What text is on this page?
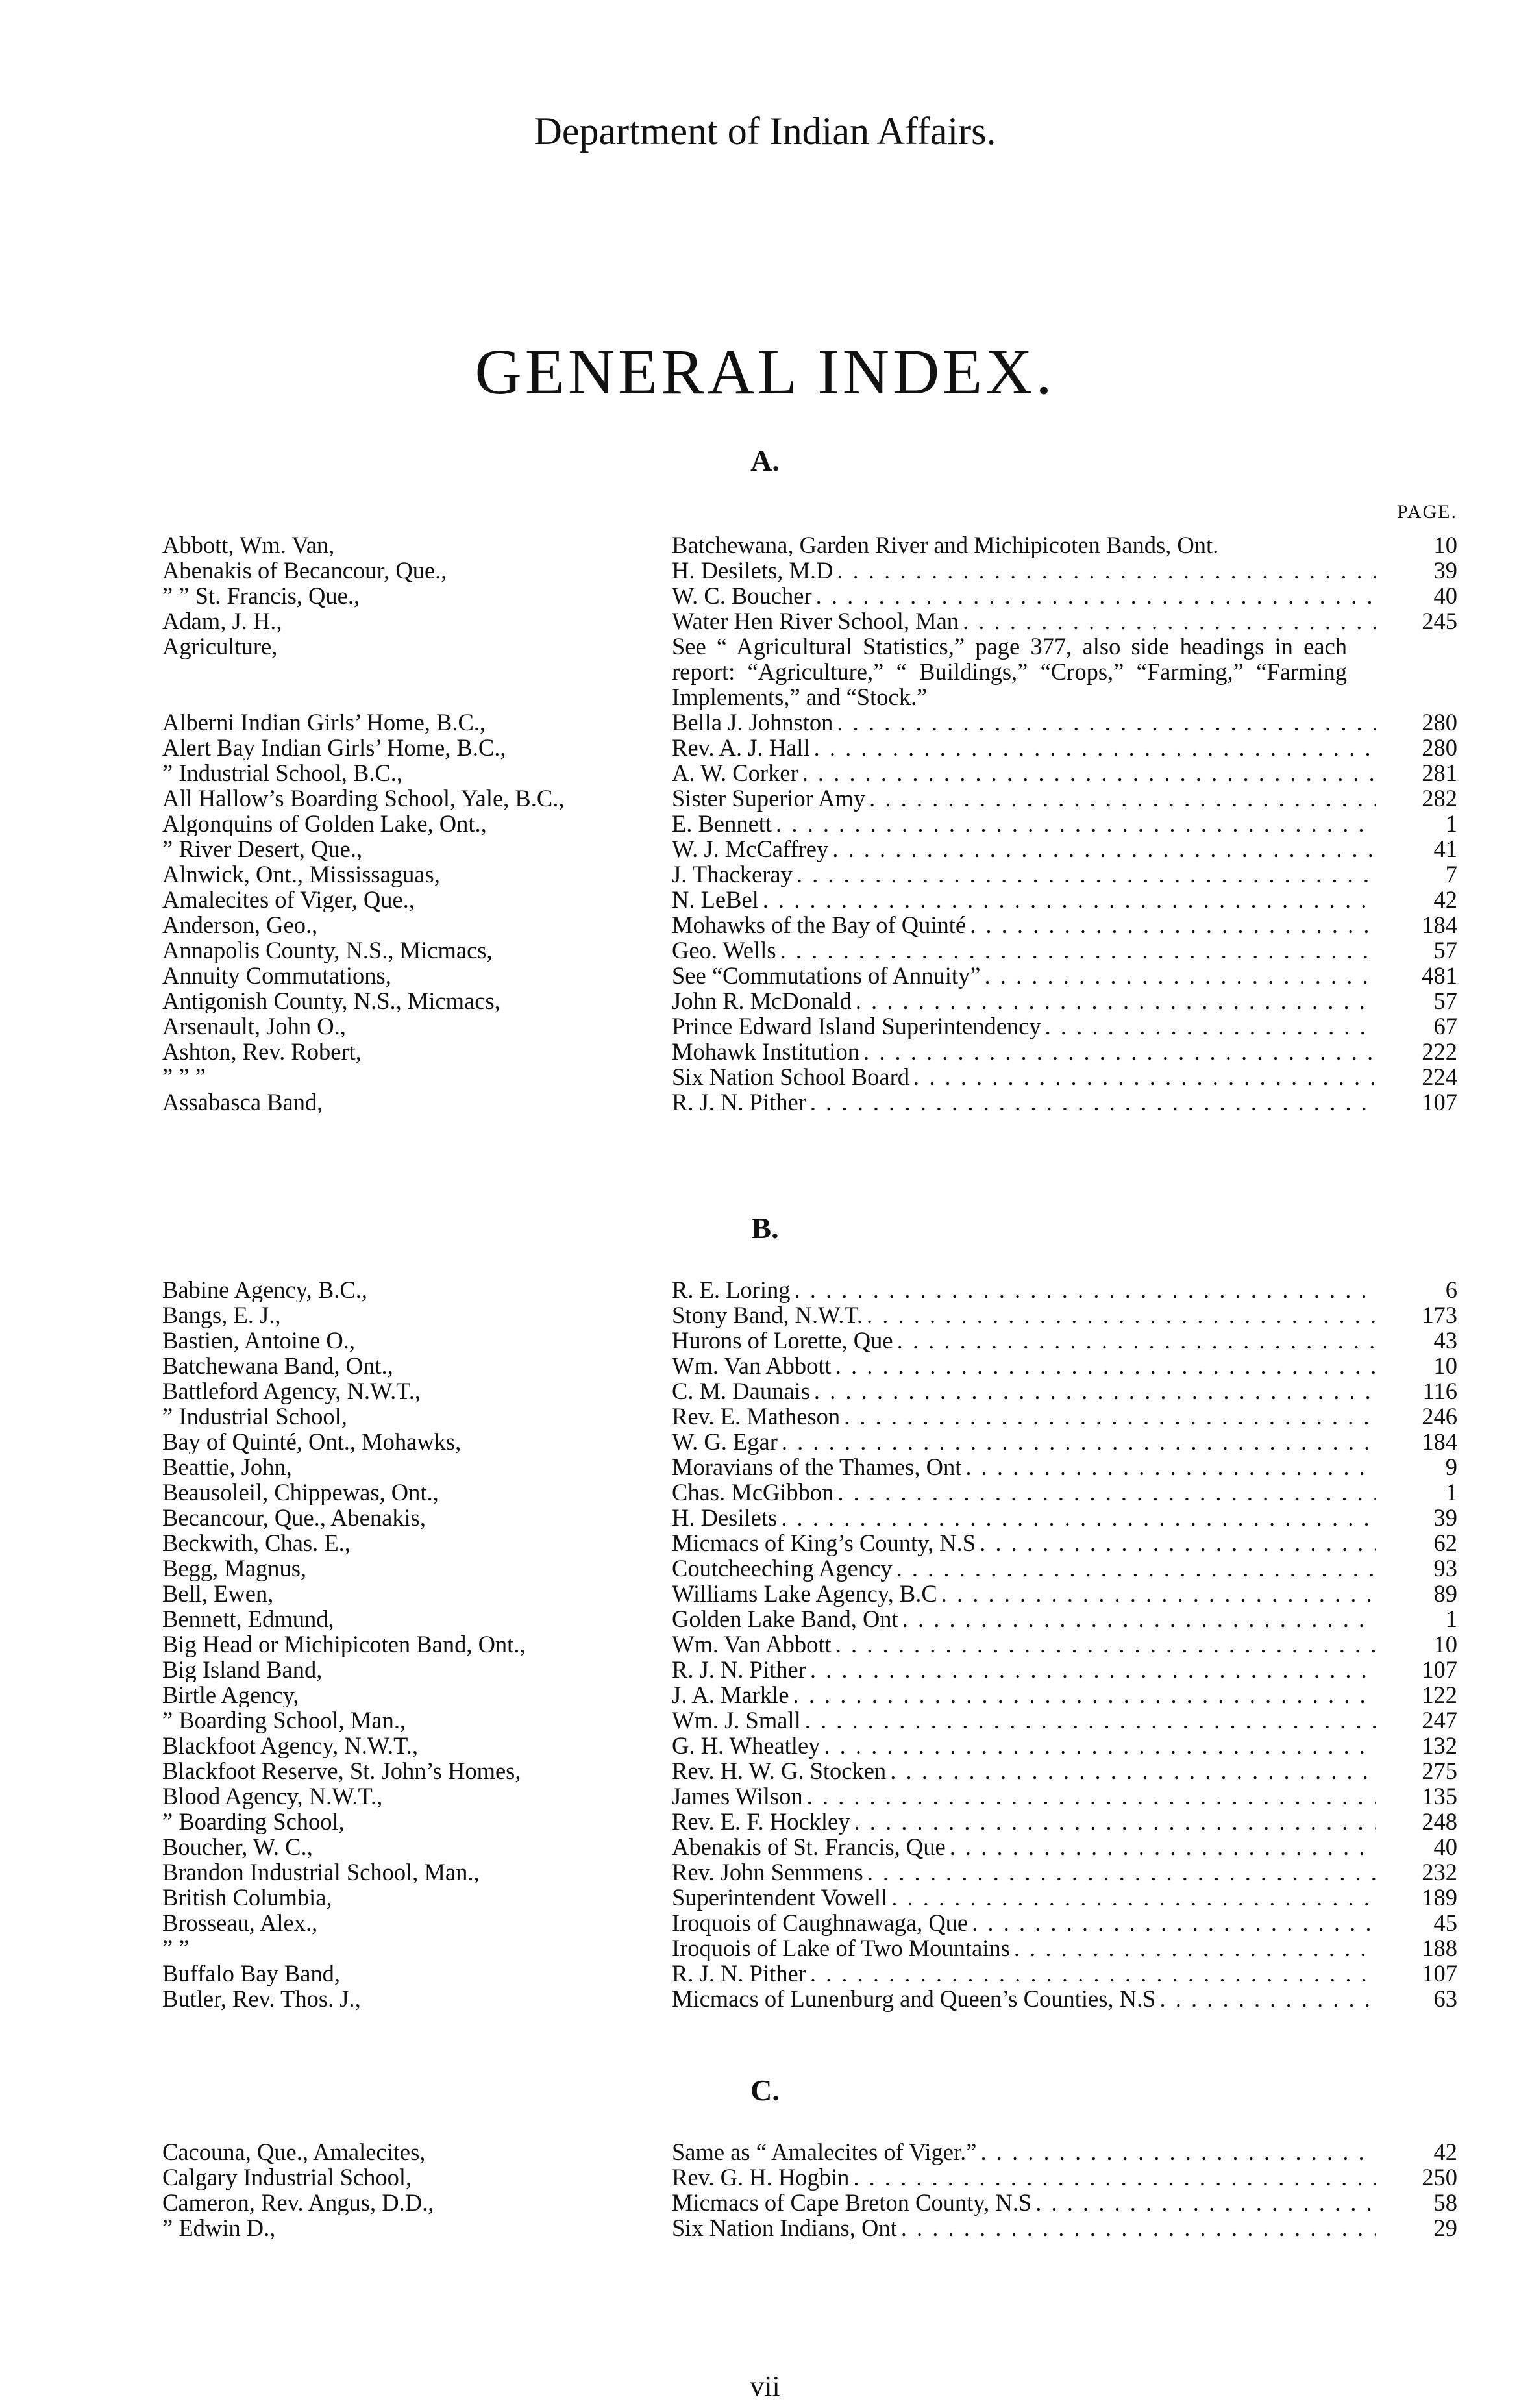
Department of Indian Affairs.
GENERAL INDEX.
A.
PAGE.
Abbott, Wm. Van,	Batchewana, Garden River and Michipicoten Bands, Ont.	10
Abenakis of Becancour, Que.,	H. Desilets, M.D . . .	39
” ” St. Francis, Que.,	W. C. Boucher . . .	40
Adam, J. H.,	Water Hen River School, Man . . .	245
Agriculture,	See “ Agricultural Statistics,” page 377, also side headings in each report: “Agriculture,” “ Buildings,” “Crops,” “Farming,” “Farming Implements,” and “Stock.”
Alberni Indian Girls’ Home, B.C.,	Bella J. Johnston . . .	280
Alert Bay Indian Girls’ Home, B.C.,	Rev. A. J. Hall . . .	280
” Industrial School, B.C.,	A. W. Corker . . .	281
All Hallow’s Boarding School, Yale, B.C.,	Sister Superior Amy . . .	282
Algonquins of Golden Lake, Ont.,	E. Bennett . . .	1
” River Desert, Que.,	W. J. McCaffrey . . .	41
Alnwick, Ont., Mississaguas,	J. Thackeray . . .	7
Amalecites of Viger, Que.,	N. LeBel . . .	42
Anderson, Geo.,	Mohawks of the Bay of Quinté . . .	184
Annapolis County, N.S., Micmacs,	Geo. Wells . . .	57
Annuity Commutations,	See “Commutations of Annuity” . . .	481
Antigonish County, N.S., Micmacs,	John R. McDonald . . .	57
Arsenault, John O.,	Prince Edward Island Superintendency . . .	67
Ashton, Rev. Robert,	Mohawk Institution . . .	222
” ” ”	Six Nation School Board . . .	224
Assabasca Band,	R. J. N. Pither . . .	107
B.
Babine Agency, B.C.,	R. E. Loring . . .	6
Bangs, E. J.,	Stony Band, N.W.T. . . .	173
Bastien, Antoine O.,	Hurons of Lorette, Que . . .	43
Batchewana Band, Ont.,	Wm. Van Abbott . . .	10
Battleford Agency, N.W.T.,	C. M. Daunais . . .	116
” Industrial School,	Rev. E. Matheson . . .	246
Bay of Quinté, Ont., Mohawks,	W. G. Egar . . .	184
Beattie, John,	Moravians of the Thames, Ont . . .	9
Beausoleil, Chippewas, Ont.,	Chas. McGibbon . . .	1
Becancour, Que., Abenakis,	H. Desilets . . .	39
Beckwith, Chas. E.,	Micmacs of King’s County, N.S . . .	62
Begg, Magnus,	Coutcheeching Agency . . .	93
Bell, Ewen,	Williams Lake Agency, B.C . . .	89
Bennett, Edmund,	Golden Lake Band, Ont . . .	1
Big Head or Michipicoten Band, Ont.,	Wm. Van Abbott . . .	10
Big Island Band,	R. J. N. Pither . . .	107
Birtle Agency,	J. A. Markle . . .	122
” Boarding School, Man.,	Wm. J. Small . . .	247
Blackfoot Agency, N.W.T.,	G. H. Wheatley . . .	132
Blackfoot Reserve, St. John’s Homes,	Rev. H. W. G. Stocken . . .	275
Blood Agency, N.W.T.,	James Wilson . . .	135
” Boarding School,	Rev. E. F. Hockley . . .	248
Boucher, W. C.,	Abenakis of St. Francis, Que . . .	40
Brandon Industrial School, Man.,	Rev. John Semmens . . .	232
British Columbia,	Superintendent Vowell . . .	189
Brosseau, Alex.,	Iroquois of Caughnawaga, Que . . .	45
” ”	Iroquois of Lake of Two Mountains . . .	188
Buffalo Bay Band,	R. J. N. Pither . . .	107
Butler, Rev. Thos. J.,	Micmacs of Lunenburg and Queen’s Counties, N.S . . .	63
C.
Cacouna, Que., Amalecites,	Same as “ Amalecites of Viger.” . . .	42
Calgary Industrial School,	Rev. G. H. Hogbin . . .	250
Cameron, Rev. Angus, D.D.,	Micmacs of Cape Breton County, N.S . . .	58
” Edwin D.,	Six Nation Indians, Ont . . .	29
vii
